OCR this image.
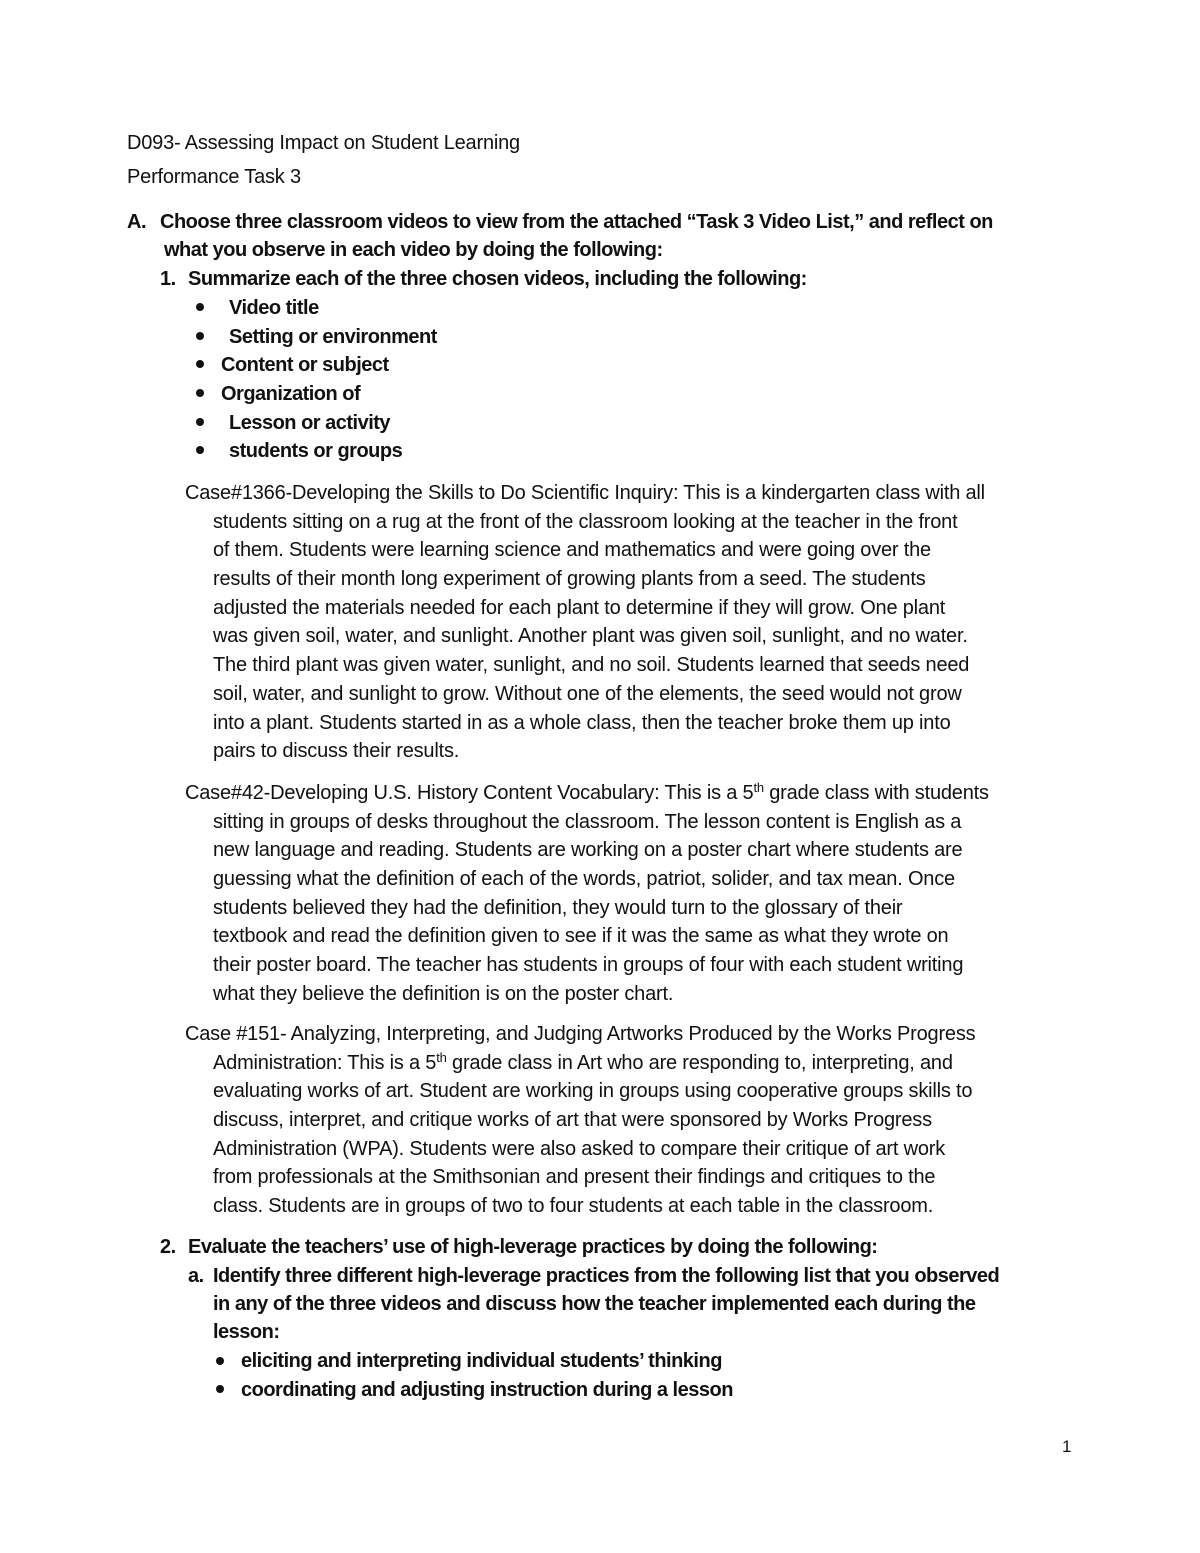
D093- Assessing Impact on Student Learning
Performance Task 3
A. Choose three classroom videos to view from the attached “Task 3 Video List,” and reflect on
what you observe in each video by doing the following:
1. Summarize each of the three chosen videos, including the following:
Video title
Setting or environment
Content or subject
Organization of
Lesson or activity
students or groups
Case#1366-Developing the Skills to Do Scientific Inquiry: This is a kindergarten class with all
students sitting on a rug at the front of the classroom looking at the teacher in the front
of them. Students were learning science and mathematics and were going over the
results of their month long experiment of growing plants from a seed. The students
adjusted the materials needed for each plant to determine if they will grow. One plant
was given soil, water, and sunlight. Another plant was given soil, sunlight, and no water.
The third plant was given water, sunlight, and no soil. Students learned that seeds need
soil, water, and sunlight to grow. Without one of the elements, the seed would not grow
into a plant. Students started in as a whole class, then the teacher broke them up into
pairs to discuss their results.
Case#42-Developing U.S. History Content Vocabulary: This is a 5th grade class with students
sitting in groups of desks throughout the classroom. The lesson content is English as a
new language and reading. Students are working on a poster chart where students are
guessing what the definition of each of the words, patriot, solider, and tax mean. Once
students believed they had the definition, they would turn to the glossary of their
textbook and read the definition given to see if it was the same as what they wrote on
their poster board. The teacher has students in groups of four with each student writing
what they believe the definition is on the poster chart.
Case #151- Analyzing, Interpreting, and Judging Artworks Produced by the Works Progress
Administration: This is a 5th grade class in Art who are responding to, interpreting, and
evaluating works of art. Student are working in groups using cooperative groups skills to
discuss, interpret, and critique works of art that were sponsored by Works Progress
Administration (WPA). Students were also asked to compare their critique of art work
from professionals at the Smithsonian and present their findings and critiques to the
class. Students are in groups of two to four students at each table in the classroom.
2. Evaluate the teachers’ use of high-leverage practices by doing the following:
a. Identify three different high-leverage practices from the following list that you observed
in any of the three videos and discuss how the teacher implemented each during the
lesson:
eliciting and interpreting individual students’ thinking
coordinating and adjusting instruction during a lesson
1
